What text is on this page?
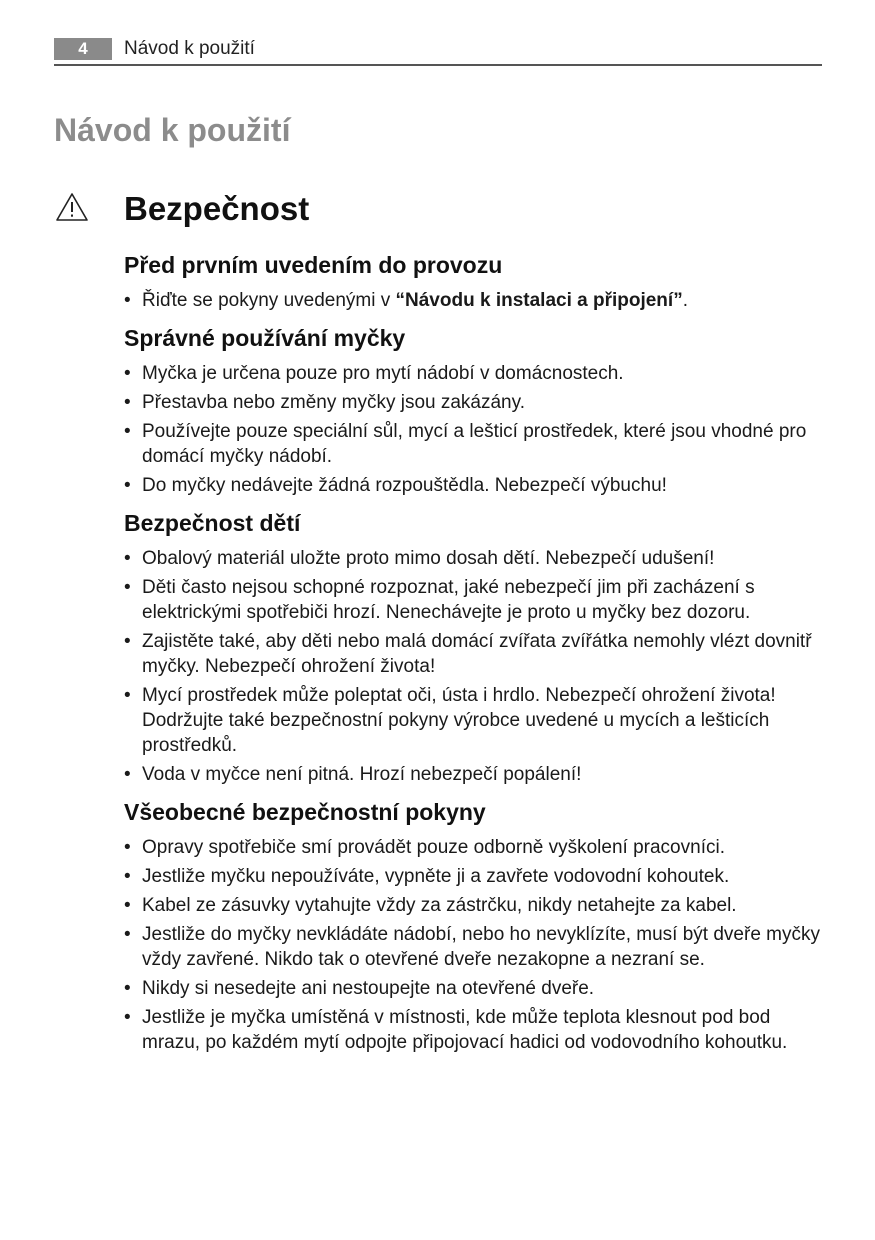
4	Návod k použití
Návod k použití
Bezpečnost
Před prvním uvedením do provozu
• Řiďte se pokyny uvedenými v “Návodu k instalaci a připojení”.
Správné používání myčky
• Myčka je určena pouze pro mytí nádobí v domácnostech.
• Přestavba nebo změny myčky jsou zakázány.
• Používejte pouze speciální sůl, mycí a lešticí prostředek, které jsou vhodné pro domácí myčky nádobí.
• Do myčky nedávejte žádná rozpouštědla. Nebezpečí výbuchu!
Bezpečnost dětí
• Obalový materiál uložte proto mimo dosah dětí. Nebezpečí udušení!
• Děti často nejsou schopné rozpoznat, jaké nebezpečí jim při zacházení s elektrickými spotřebiči hrozí. Nenechávejte je proto u myčky bez dozoru.
• Zajistěte také, aby děti nebo malá domácí zvířata zvířátka nemohly vlézt dovnitř myčky. Nebezpečí ohrožení života!
• Mycí prostředek může poleptat oči, ústa i hrdlo. Nebezpečí ohrožení života! Dodržujte také bezpečnostní pokyny výrobce uvedené u mycích a lešticích prostředků.
• Voda v myčce není pitná. Hrozí nebezpečí popálení!
Všeobecné bezpečnostní pokyny
• Opravy spotřebiče smí provádět pouze odborně vyškolení pracovníci.
• Jestliže myčku nepoužíváte, vypněte ji a zavřete vodovodní kohoutek.
• Kabel ze zásuvky vytahujte vždy za zástrčku, nikdy netahejte za kabel.
• Jestliže do myčky nevkládáte nádobí, nebo ho nevyklízíte, musí být dveře myčky vždy zavřené. Nikdo tak o otevřené dveře nezakopne a nezraní se.
• Nikdy si nesedejte ani nestoupejte na otevřené dveře.
• Jestliže je myčka umístěná v místnosti, kde může teplota klesnout pod bod mrazu, po každém mytí odpojte připojovací hadici od vodovodního kohoutku.
